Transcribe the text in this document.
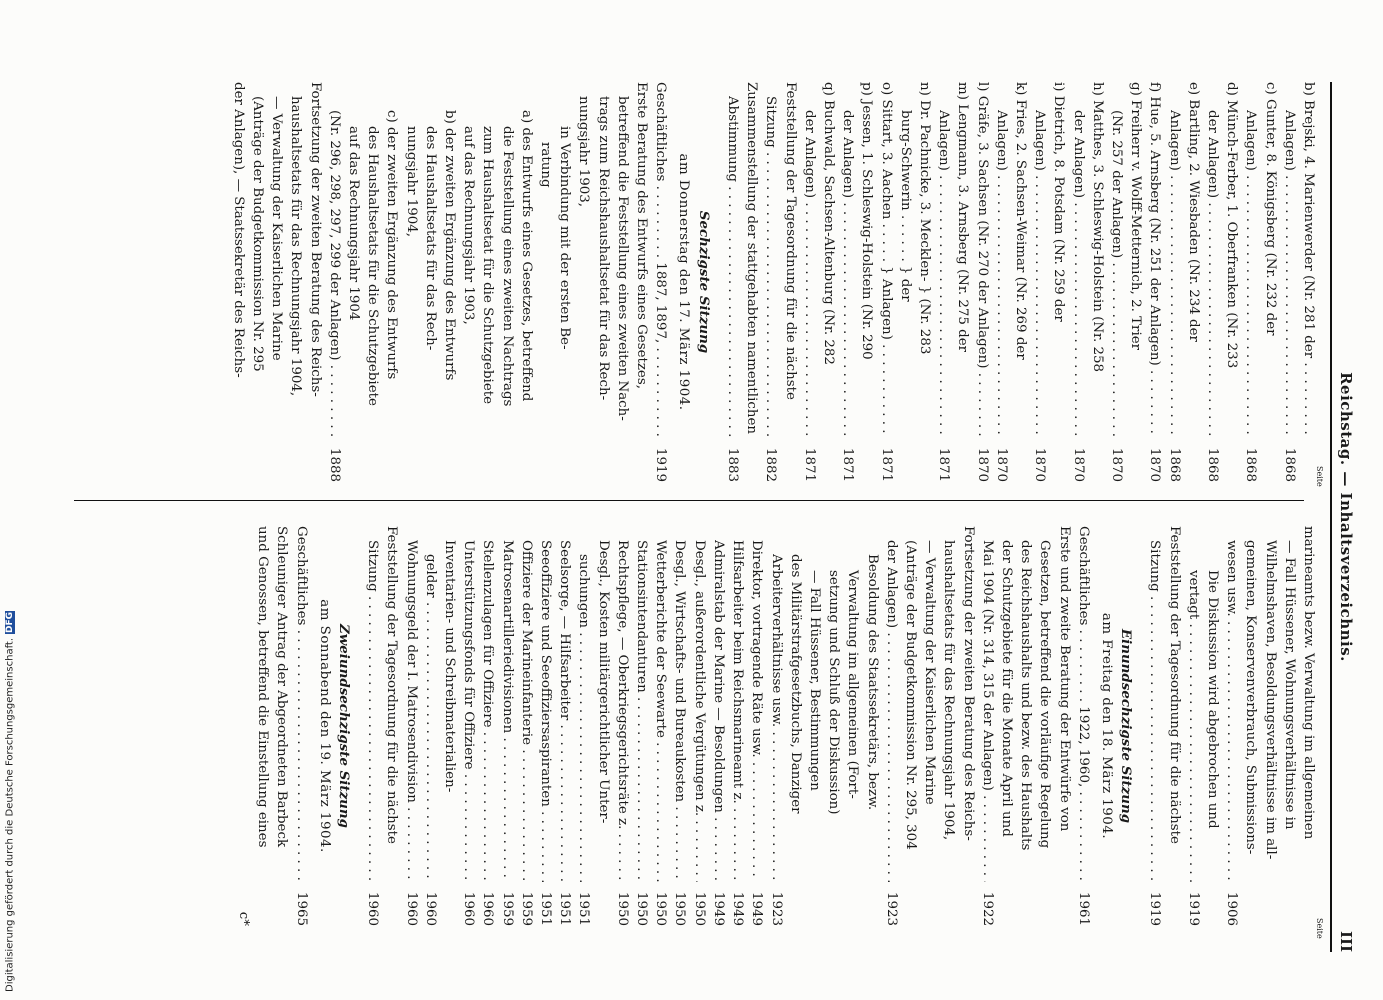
Digitalisierung gefördert durch die Deutsche Forschungsgemeinschaft.
DFG	Reichstag. — Inhaltsverzeichnis.
III
Seite
Seite
b) Brejski, 4. Marienwerder (Nr. 281 der . . .
Anlagen) . . .
1868
c) Gunter, 8. Königsberg (Nr. 232 der
Anlagen) . . .
1868
d) Münch-Ferber, 1. Oberfranken (Nr. 233
der Anlagen) . . .
1868
e) Bartling, 2. Wiesbaden (Nr. 234 der
Anlagen) . . .
1868
f) Hue, 5. Arnsberg (Nr. 251 der Anlagen) . . .
1870
g) Freiherr v. Wolff-Metternich, 2. Trier
(Nr. 257 der Anlagen) . . .
1870
h) Matthes, 3. Schleswig-Holstein (Nr. 258
der Anlagen) . . .
1870
i) Dietrich, 8. Potsdam (Nr. 259 der
Anlagen) . . .
1870
k) Fries, 2. Sachsen-Weimar (Nr. 269 der
Anlagen) . . .
1870
l) Gräfe, 3. Sachsen (Nr. 270 der Anlagen) . . .
1870
m) Lengmann, 3. Arnsberg (Nr. 275 der
Anlagen) . . .
1871
n) Dr. Pachnicke, 3. Mecklen- } (Nr. 283
burg-Schwerin . . . . . . } der
o) Sittart, 3. Aachen . . . . . } Anlagen) . . .
1871
p) Jessen, 1. Schleswig-Holstein (Nr. 290
der Anlagen) . . .
1871
q) Buchwald, Sachsen-Altenburg (Nr. 282
der Anlagen) . . .
1871
Feststellung der Tagesordnung für die nächste
Sitzung . . .
1882
Zusammenstellung der stattgehabten namentlichen
Abstimmung . . .
1883
Sechzigste Sitzung
am Donnerstag den 17. März 1904.
Geschäftliches . . . . . . . . . 1887, 1897, . . .
1919
Erste Beratung des Entwurfs eines Gesetzes,
betreffend die Feststellung eines zweiten Nach-
trags zum Reichshaushaltsetat für das Rech-
nungsjahr 1903,
in Verbindung mit der ersten Be-
ratung
a) des Entwurfs eines Gesetzes, betreffend
die Feststellung eines zweiten Nachtrags
zum Haushaltsetat für die Schutzgebiete
auf das Rechnungsjahr 1903,
b) der zweiten Ergänzung des Entwurfs
des Haushaltsetats für das Rech-
nungsjahr 1904,
c) der zweiten Ergänzung des Entwurfs
des Haushaltsetats für die Schutzgebiete
auf das Rechnungsjahr 1904
(Nr. 296, 298, 297, 299 der Anlagen) . . .
1888
Fortsetzung der zweiten Beratung des Reichs-
haushaltsetats für das Rechnungsjahr 1904,
— Verwaltung der Kaiserlichen Marine
(Anträge der Budgetkommission Nr. 295
der Anlagen), — Staatssekretär des Reichs-
marineamts bezw. Verwaltung im allgemeinen
— Fall Hüssener, Wohnungsverhältnisse in
Wilhelmshaven, Besoldungsverhältnisse im all-
gemeinen, Konservenverbrauch, Submissions-
wesen usw. . . .
1906
Die Diskussion wird abgebrochen und
vertagt . . .
1919
Feststellung der Tagesordnung für die nächste
Sitzung . . .
1919
Einundsechzigste Sitzung
am Freitag den 18. März 1904.
Geschäftliches . . . . . . . . . 1922, 1960, . . .
1961
Erste und zweite Beratung der Entwürfe von
Gesetzen, betreffend die vorläufige Regelung
des Reichshaushalts und bezw. des Haushalts
der Schutzgebiete für die Monate April und
Mai 1904 (Nr. 314, 315 der Anlagen) . . .
1922
Fortsetzung der zweiten Beratung des Reichs-
haushaltsetats für das Rechnungsjahr 1904,
— Verwaltung der Kaiserlichen Marine
(Anträge der Budgetkommission Nr. 295, 304
der Anlagen) . . .
1923
Besoldung des Staatssekretärs, bezw.
Verwaltung im allgemeinen (Fort-
setzung und Schluß der Diskussion)
— Fall Hüssener, Bestimmungen
des Militärstrafgesetzbuchs, Danziger
Arbeiterverhältnisse usw. . . .
1923
Direktor, vortragende Räte usw. . . .
1949
Hilfsarbeiter beim Reichsmarineamt z. . . .
1949
Admiralstab der Marine — Besoldungen . . .
1949
Desgl., außerordentliche Vergütungen z. . . .
1950
Desgl., Wirtschafts- und Bureaukosten . . .
1950
Wetterberichte der Seewarte . . .
1950
Stationsintendanturen . . .
1950
Rechtspflege, — Oberkriegsgerichtsräte z. . . .
1950
Desgl., Kosten militärgerichtlicher Unter-
suchungen . . .
1951
Seelsorge, — Hilfsarbeiter . . .
1951
Seeoffiziere und Seeoffiziersaspiranten . . .
1951
Offiziere der Marineinfanterie . . .
1959
Matrosenartilleriedivisionen . . .
1959
Stellenzulagen für Offiziere . . .
1960
Unterstützungsfonds für Offiziere . . .
1960
Inventarien- und Schreibmaterialien-
gelder . . .
1960
Wohnungsgeld der I. Matrosendivision . . .
1960
Feststellung der Tagesordnung für die nächste
Sitzung . . .
1960
Zweiundsechzigste Sitzung
am Sonnabend den 19. März 1904.
Geschäftliches . . .
1965
Schleuniger Antrag der Abgeordneten Barbeck
und Genossen, betreffend die Einstellung eines
c*
